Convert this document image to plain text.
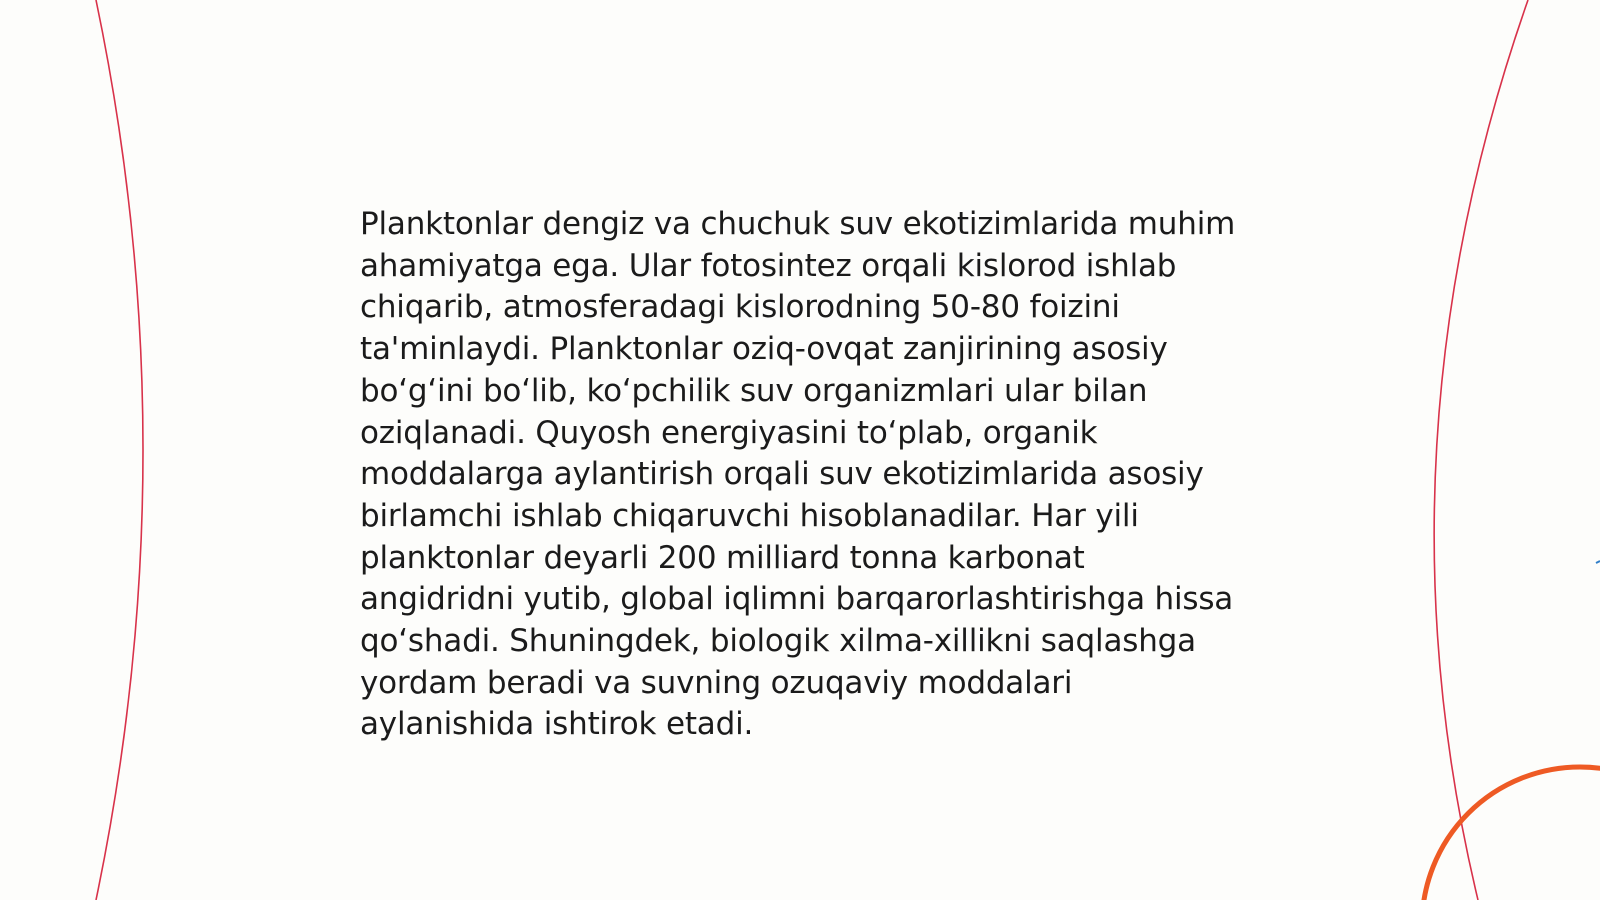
Planktonlar dengiz va chuchuk suv ekotizimlarida muhim ahamiyatga ega. Ular fotosintez orqali kislorod ishlab chiqarib, atmosferadagi kislorodning 50-80 foizini ta'minlaydi. Planktonlar oziq-ovqat zanjirining asosiy bo‘g‘ini bo‘lib, ko‘pchilik suv organizmlari ular bilan oziqlanadi. Quyosh energiyasini to‘plab, organik moddalarga aylantirish orqali suv ekotizimlarida asosiy birlamchi ishlab chiqaruvchi hisoblanadilar. Har yili planktonlar deyarli 200 milliard tonna karbonat angidridni yutib, global iqlimni barqarorlashtirishga hissa qo‘shadi. Shuningdek, biologik xilma-xillikni saqlashga yordam beradi va suvning ozuqaviy moddalari aylanishida ishtirok etadi.
